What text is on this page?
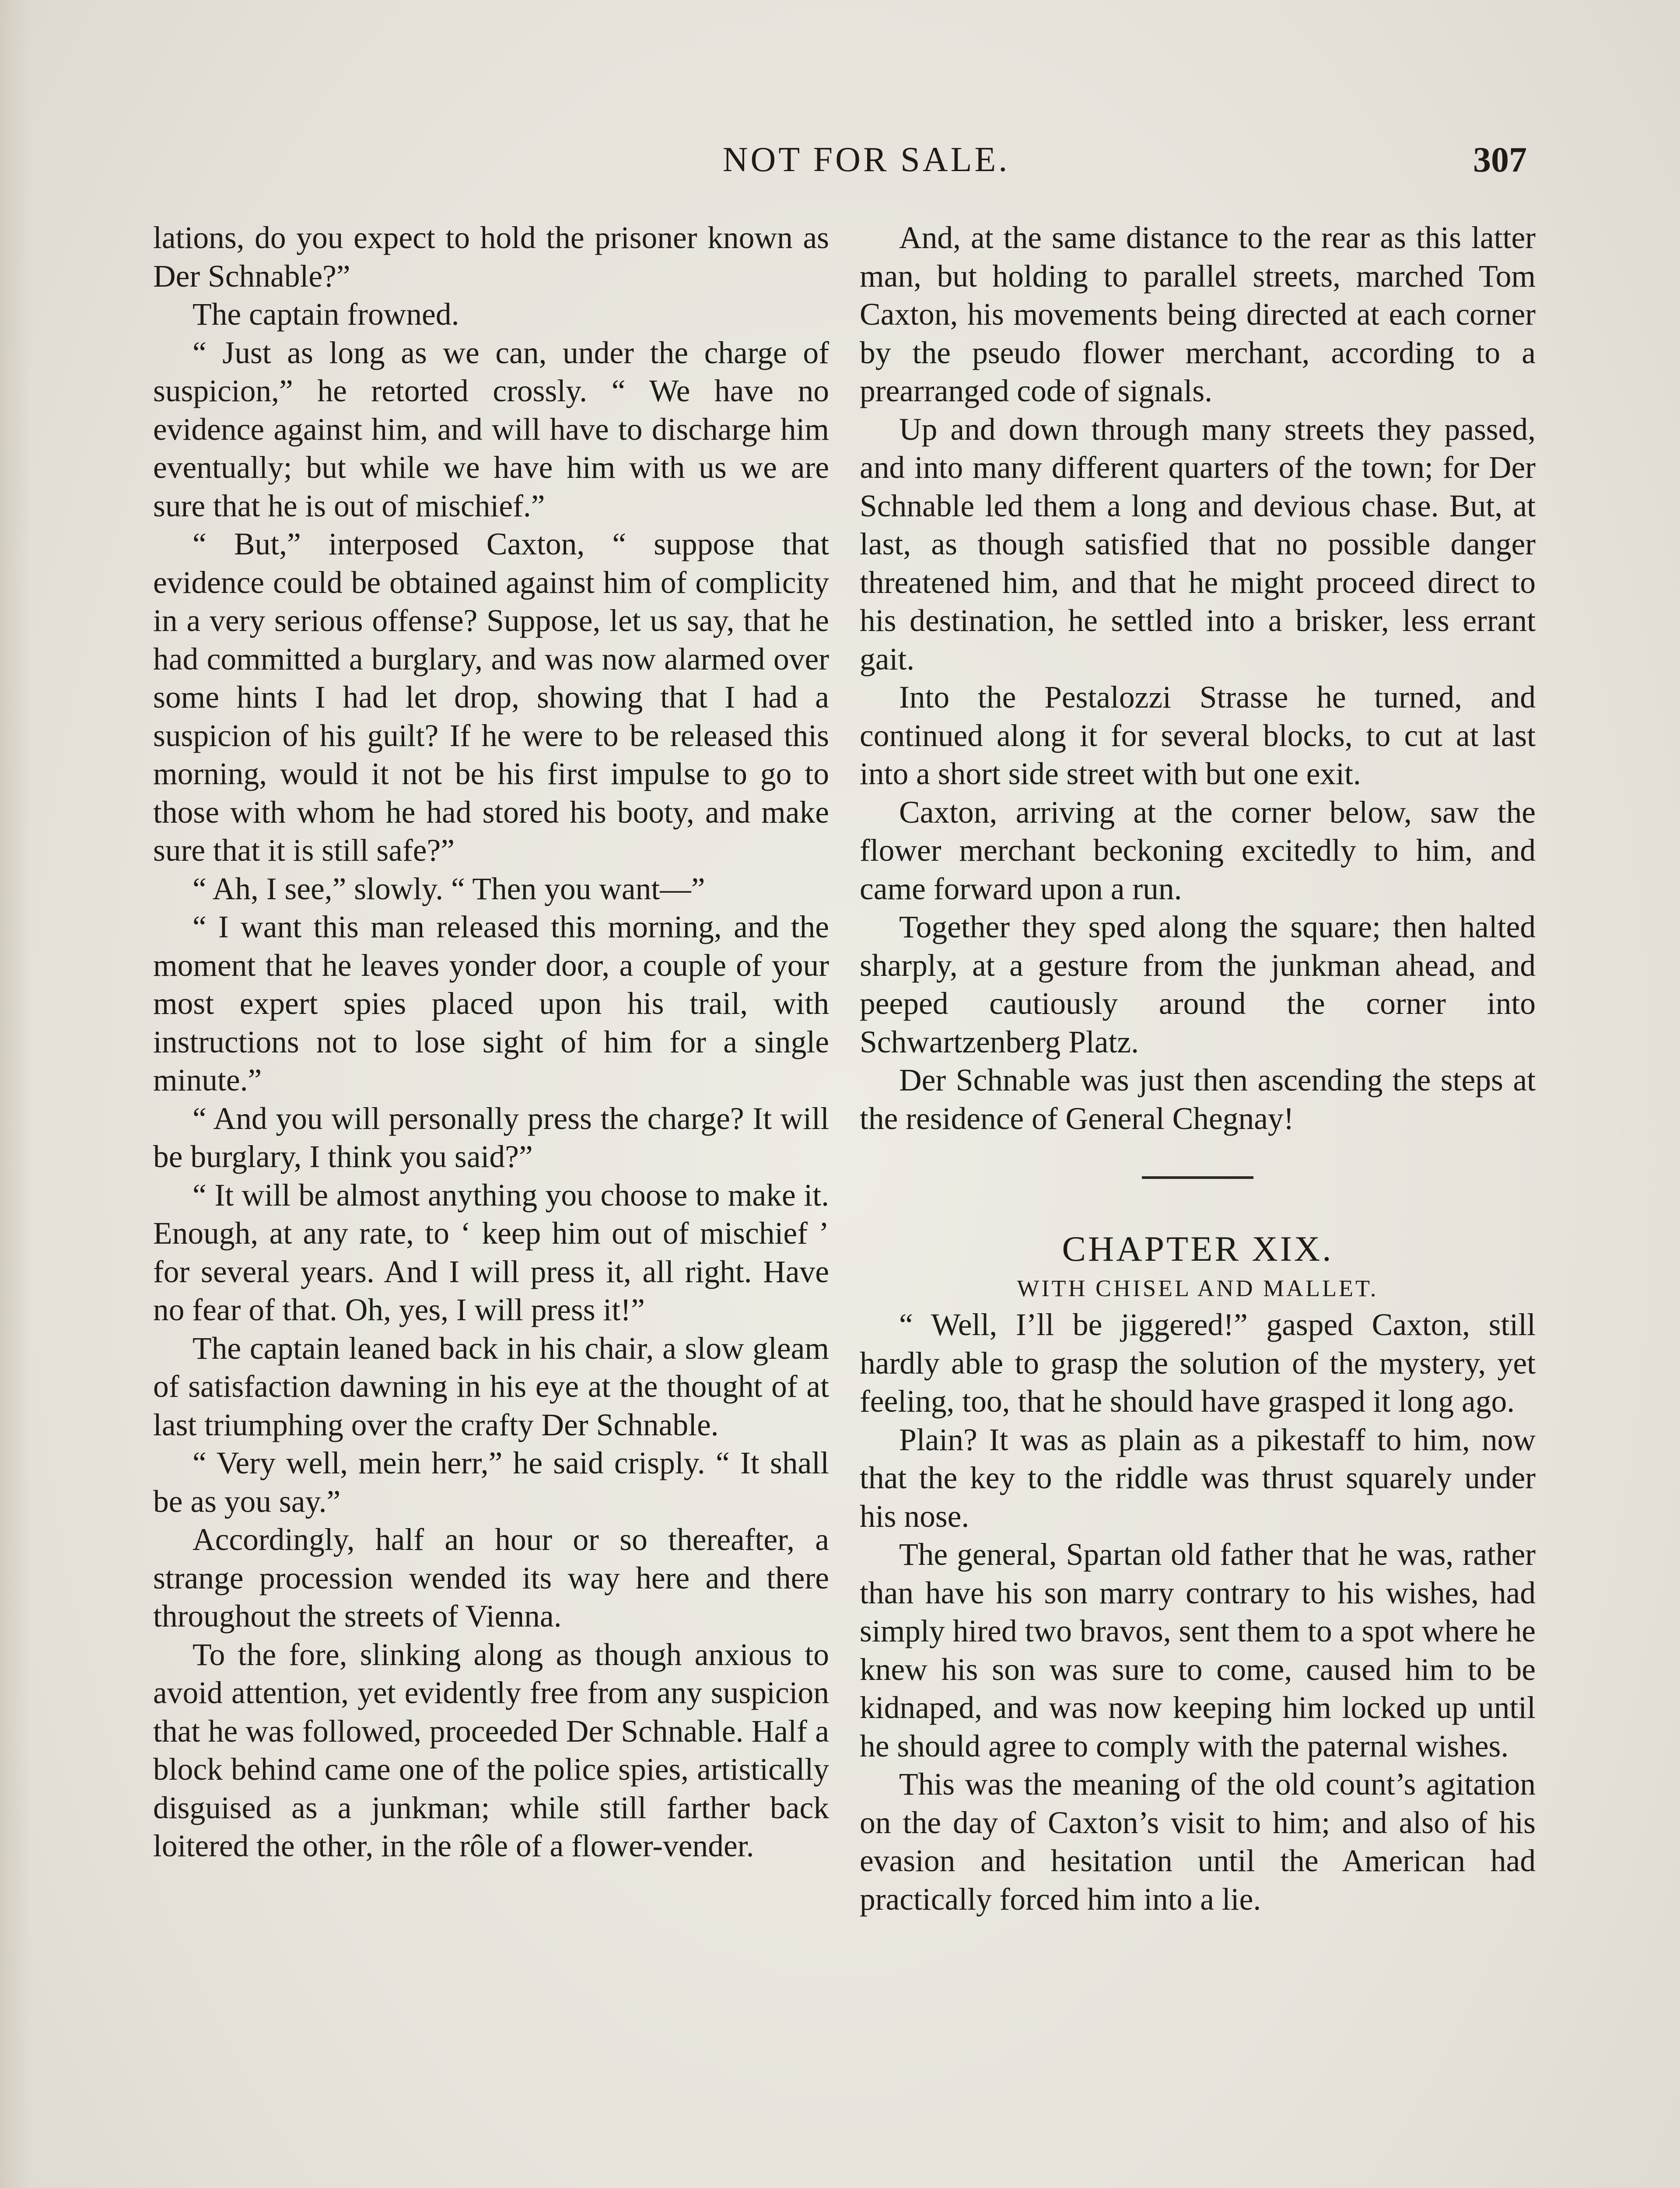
NOT FOR SALE.	307

lations, do you expect to hold the prisoner known as Der Schnable?”

The captain frowned.

“ Just as long as we can, under the charge of suspicion,” he retorted crossly. “ We have no evidence against him, and will have to discharge him eventually; but while we have him with us we are sure that he is out of mischief.”

“ But,” interposed Caxton, “ suppose that evidence could be obtained against him of complicity in a very serious offense? Suppose, let us say, that he had committed a burglary, and was now alarmed over some hints I had let drop, showing that I had a suspicion of his guilt? If he were to be released this morning, would it not be his first impulse to go to those with whom he had stored his booty, and make sure that it is still safe?”

“ Ah, I see,” slowly. “ Then you want—”

“ I want this man released this morning, and the moment that he leaves yonder door, a couple of your most expert spies placed upon his trail, with instructions not to lose sight of him for a single minute.”

“ And you will personally press the charge? It will be burglary, I think you said?”

“ It will be almost anything you choose to make it. Enough, at any rate, to ‘ keep him out of mischief ’ for several years. And I will press it, all right. Have no fear of that. Oh, yes, I will press it!”

The captain leaned back in his chair, a slow gleam of satisfaction dawning in his eye at the thought of at last triumphing over the crafty Der Schnable.

“ Very well, mein herr,” he said crisply. “ It shall be as you say.”

Accordingly, half an hour or so thereafter, a strange procession wended its way here and there throughout the streets of Vienna.

To the fore, slinking along as though anxious to avoid attention, yet evidently free from any suspicion that he was followed, proceeded Der Schnable. Half a block behind came one of the police spies, artistically disguised as a junkman; while still farther back loitered the other, in the rôle of a flower-vender.

And, at the same distance to the rear as this latter man, but holding to parallel streets, marched Tom Caxton, his movements being directed at each corner by the pseudo flower merchant, according to a prearranged code of signals.

Up and down through many streets they passed, and into many different quarters of the town; for Der Schnable led them a long and devious chase. But, at last, as though satisfied that no possible danger threatened him, and that he might proceed direct to his destination, he settled into a brisker, less errant gait.

Into the Pestalozzi Strasse he turned, and continued along it for several blocks, to cut at last into a short side street with but one exit.

Caxton, arriving at the corner below, saw the flower merchant beckoning excitedly to him, and came forward upon a run.

Together they sped along the square; then halted sharply, at a gesture from the junkman ahead, and peeped cautiously around the corner into Schwartzenberg Platz.

Der Schnable was just then ascending the steps at the residence of General Chegnay!

CHAPTER XIX.

WITH CHISEL AND MALLET.

“ Well, I’ll be jiggered!” gasped Caxton, still hardly able to grasp the solution of the mystery, yet feeling, too, that he should have grasped it long ago.

Plain? It was as plain as a pikestaff to him, now that the key to the riddle was thrust squarely under his nose.

The general, Spartan old father that he was, rather than have his son marry contrary to his wishes, had simply hired two bravos, sent them to a spot where he knew his son was sure to come, caused him to be kidnaped, and was now keeping him locked up until he should agree to comply with the paternal wishes.

This was the meaning of the old count’s agitation on the day of Caxton’s visit to him; and also of his evasion and hesitation until the American had practically forced him into a lie.
